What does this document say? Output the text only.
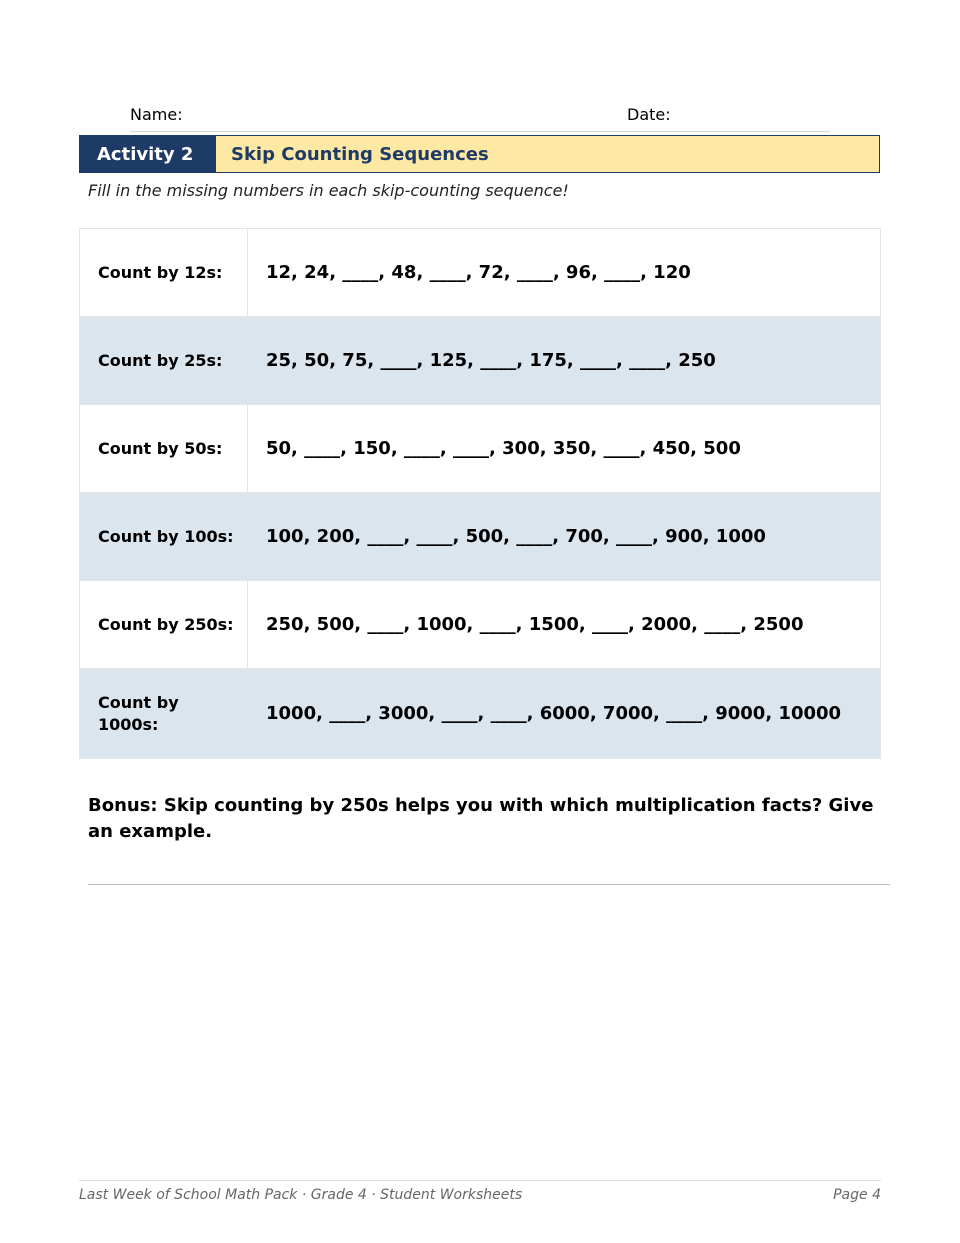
Name:	Date:
Activity 2	Skip Counting Sequences
Fill in the missing numbers in each skip-counting sequence!
Count by 12s:	12, 24, ____, 48, ____, 72, ____, 96, ____, 120
Count by 25s:	25, 50, 75, ____, 125, ____, 175, ____, ____, 250
Count by 50s:	50, ____, 150, ____, ____, 300, 350, ____, 450, 500
Count by 100s:	100, 200, ____, ____, 500, ____, 700, ____, 900, 1000
Count by 250s:	250, 500, ____, 1000, ____, 1500, ____, 2000, ____, 2500
Count by 1000s:	1000, ____, 3000, ____, ____, 6000, 7000, ____, 9000, 10000
Bonus: Skip counting by 250s helps you with which multiplication facts? Give an example.
Last Week of School Math Pack · Grade 4 · Student Worksheets	Page 4
